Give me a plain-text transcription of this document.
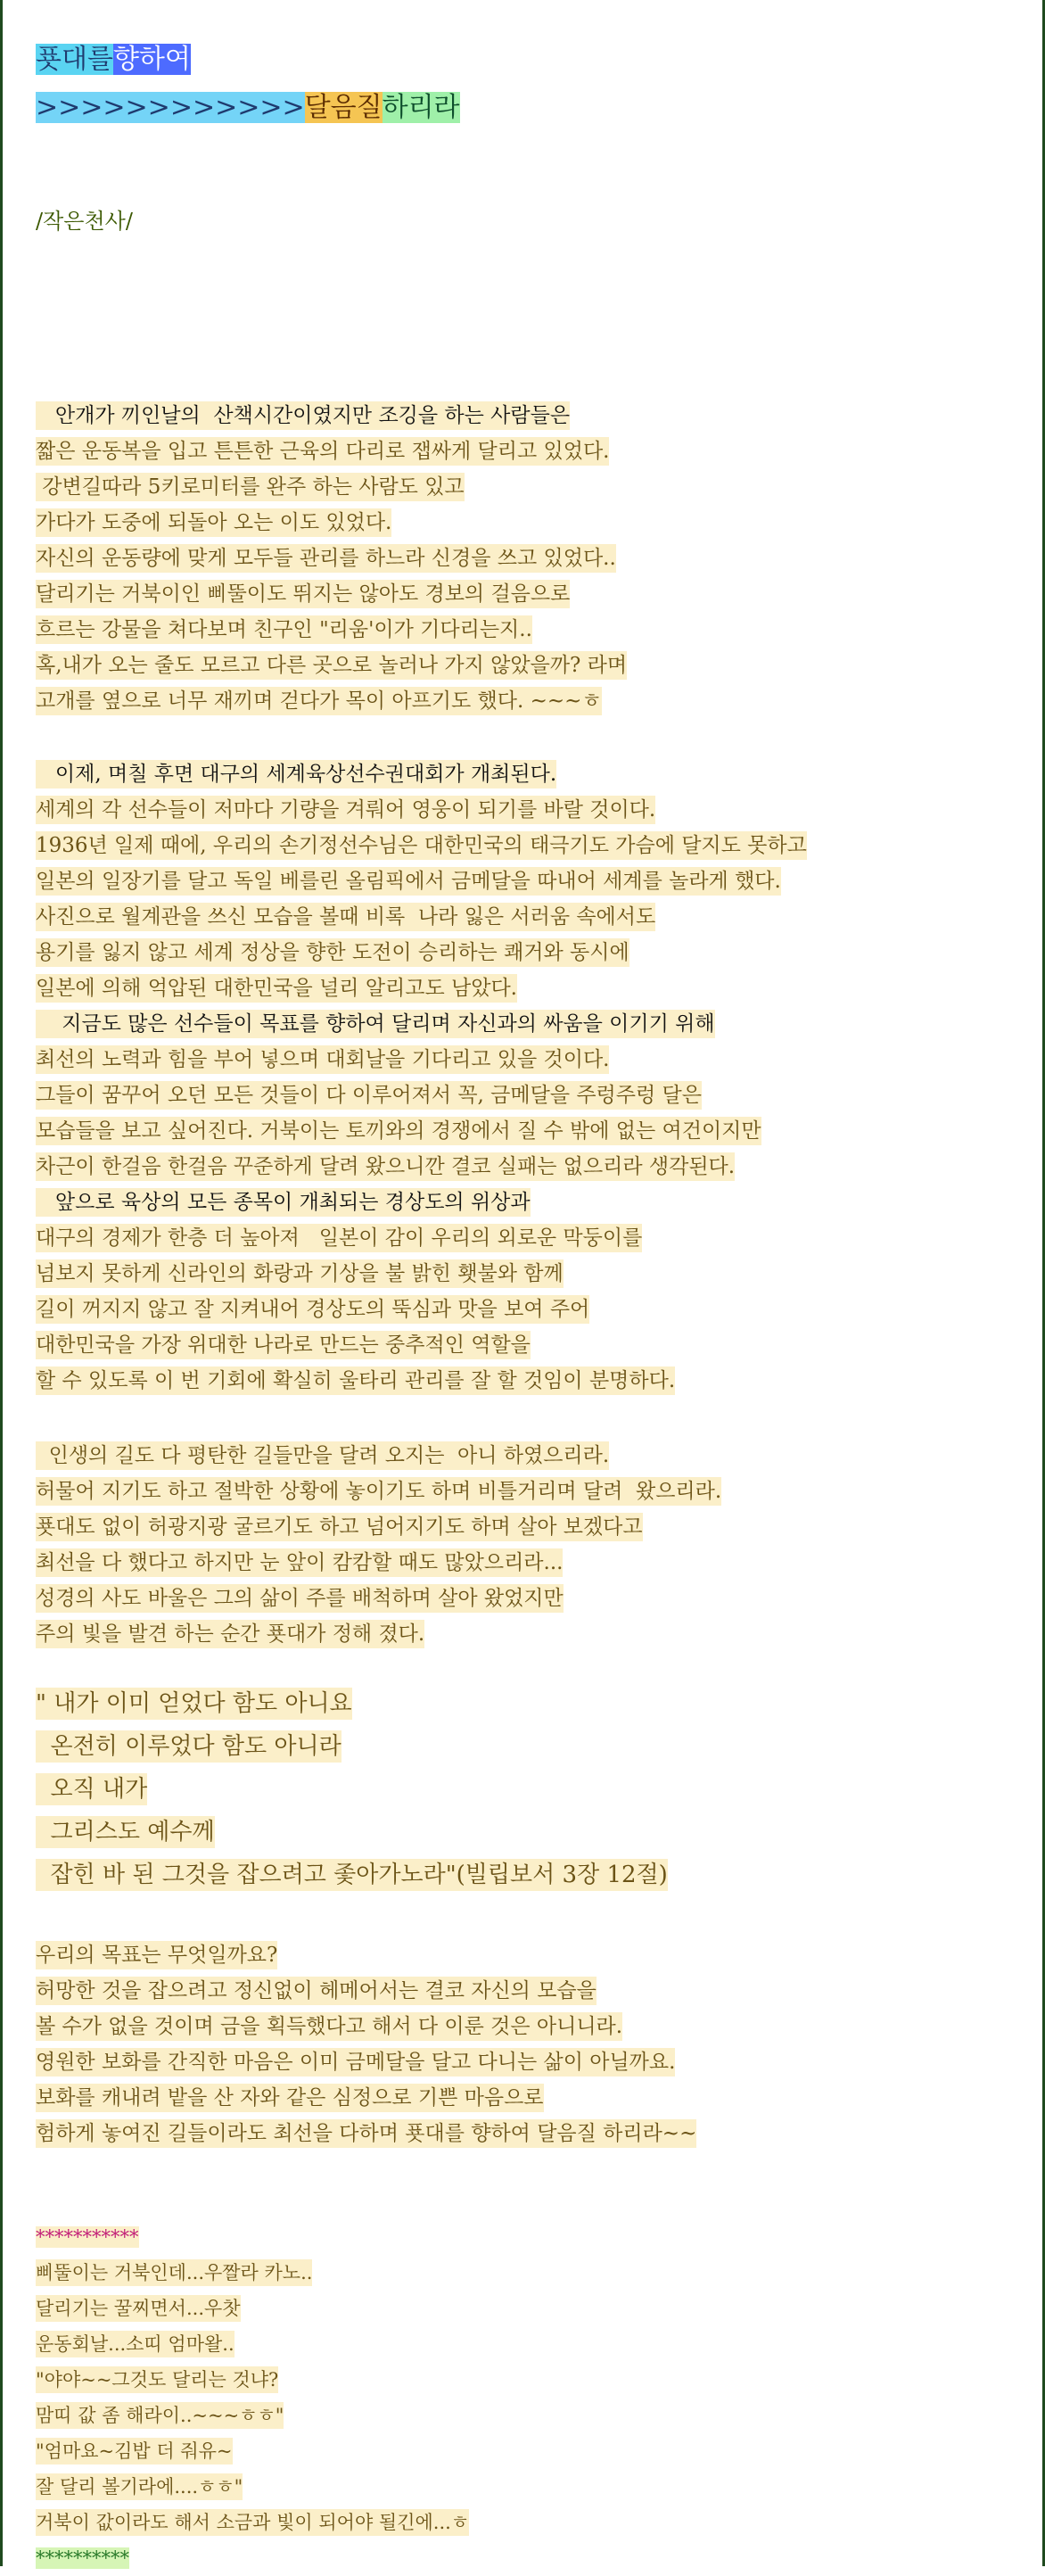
푯대를향하여
>>>>>>>>>>>>달음질하리라
/작은천사/
안개가 끼인날의  산책시간이였지만 조깅을 하는 사람들은
짧은 운동복을 입고 튼튼한 근육의 다리로 잽싸게 달리고 있었다.
강변길따라 5키로미터를 완주 하는 사람도 있고
가다가 도중에 되돌아 오는 이도 있었다.
자신의 운동량에 맞게 모두들 관리를 하느라 신경을 쓰고 있었다..
달리기는 거북이인 삐뚤이도 뛰지는 않아도 경보의 걸음으로
흐르는 강물을 쳐다보며 친구인 "리움'이가 기다리는지..
혹,내가 오는 줄도 모르고 다른 곳으로 놀러나 가지 않았을까? 라며
고개를 옆으로 너무 재끼며 걷다가 목이 아프기도 했다. ~~~ㅎ
이제, 며칠 후면 대구의 세계육상선수권대회가 개최된다.
세계의 각 선수들이 저마다 기량을 겨뤄어 영웅이 되기를 바랄 것이다.
1936년 일제 때에, 우리의 손기정선수님은 대한민국의 태극기도 가슴에 달지도 못하고
일본의 일장기를 달고 독일 베를린 올림픽에서 금메달을 따내어 세계를 놀라게 했다.
사진으로 월계관을 쓰신 모습을 볼때 비록  나라 잃은 서러움 속에서도
용기를 잃지 않고 세계 정상을 향한 도전이 승리하는 쾌거와 동시에
일본에 의해 억압된 대한민국을 널리 알리고도 남았다.
지금도 많은 선수들이 목표를 향하여 달리며 자신과의 싸움을 이기기 위해
최선의 노력과 힘을 부어 넣으며 대회날을 기다리고 있을 것이다.
그들이 꿈꾸어 오던 모든 것들이 다 이루어져서 꼭, 금메달을 주렁주렁 달은
모습들을 보고 싶어진다. 거북이는 토끼와의 경쟁에서 질 수 밖에 없는 여건이지만
차근이 한걸음 한걸음 꾸준하게 달려 왔으니깐 결코 실패는 없으리라 생각된다.
앞으로 육상의 모든 종목이 개최되는 경상도의 위상과
대구의 경제가 한층 더 높아져   일본이 감이 우리의 외로운 막둥이를
넘보지 못하게 신라인의 화랑과 기상을 불 밝힌 횃불와 함께
길이 꺼지지 않고 잘 지켜내어 경상도의 뚝심과 맛을 보여 주어
대한민국을 가장 위대한 나라로 만드는 중추적인 역할을
할 수 있도록 이 번 기회에 확실히 울타리 관리를 잘 할 것임이 분명하다.
인생의 길도 다 평탄한 길들만을 달려 오지는  아니 하였으리라.
허물어 지기도 하고 절박한 상황에 놓이기도 하며 비틀거리며 달려  왔으리라.
푯대도 없이 허광지광 굴르기도 하고 넘어지기도 하며 살아 보겠다고
최선을 다 했다고 하지만 눈 앞이 캄캄할 때도 많았으리라...
성경의 사도 바울은 그의 삶이 주를 배척하며 살아 왔었지만
주의 빛을 발견 하는 순간 푯대가 정해 졌다.
" 내가 이미 얻었다 함도 아니요
온전히 이루었다 함도 아니라
오직 내가
그리스도 예수께
잡힌 바 된 그것을 잡으려고 좇아가노라"(빌립보서 3장 12절)
우리의 목표는 무엇일까요?
허망한 것을 잡으려고 정신없이 헤메어서는 결코 자신의 모습을
볼 수가 없을 것이며 금을 획득했다고 해서 다 이룬 것은 아니니라.
영원한 보화를 간직한 마음은 이미 금메달을 달고 다니는 삶이 아닐까요.
보화를 캐내려 밭을 산 자와 같은 심정으로 기쁜 마음으로
험하게 놓여진 길들이라도 최선을 다하며 푯대를 향하여 달음질 하리라~~
***********
삐뚤이는 거북인데...우짤라 카노..
달리기는 꿀찌면서...우찻
운동회날...소띠 엄마왈..
"야야~~그것도 달리는 것냐?
맘띠 값 좀 해라이..~~~ㅎㅎ"
"엄마요~김밥 더 줘유~
잘 달리 볼기라에....ㅎㅎ"
거북이 값이라도 해서 소금과 빛이 되어야 될긴에...ㅎ
**********
